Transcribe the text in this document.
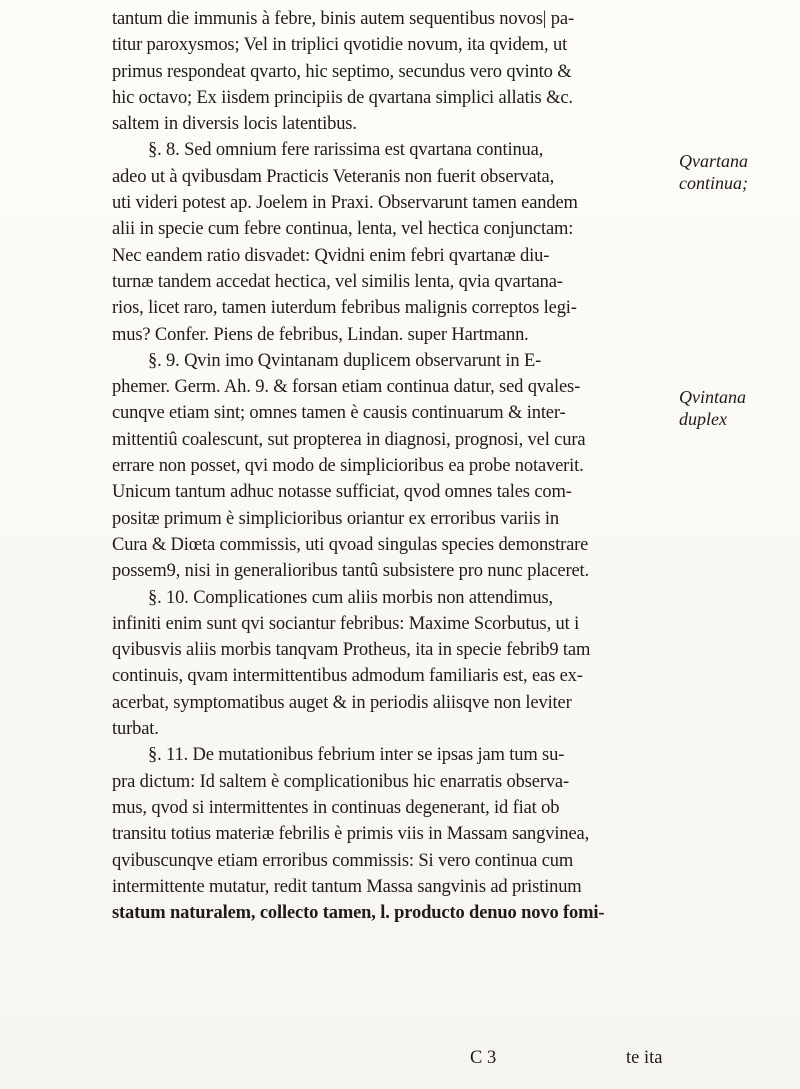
tantum die immunis à febre, binis autem sequentibus novos| pa-
titur paroxysmos; Vel in triplici qvotidie novum, ita qvidem, ut
primus respondeat qvarto, hic septimo, secundus vero qvinto &
hic octavo; Ex iisdem principiis de qvartana simplici allatis &c.
saltem in diversis locis latentibus.
§. 8. Sed omnium fere rarissima est qvartana continua,
adeo ut à qvibusdam Practicis Veteranis non fuerit observata,
uti videri potest ap. Joelem in Praxi. Observarunt tamen eandem
alii in specie cum febre continua, lenta, vel hectica conjunctam:
Nec eandem ratio disvadet: Qvidni enim febri qvartanæ diu-
turnæ tandem accedat hectica, vel similis lenta, qvia qvartana-
rios, licet raro, tamen iuterdum febribus malignis correptos legi-
mus? Confer. Piens de febribus, Lindan. super Hartmann.
§. 9. Qvin imo Qvintanam duplicem observarunt in E-
phemer. Germ. Ah. 9. & forsan etiam continua datur, sed qvales-
cunqve etiam sint; omnes tamen è causis continuarum & inter-
mittentiû coalescunt, sut propterea in diagnosi, prognosi, vel cura
errare non posset, qvi modo de simplicioribus ea probe notaverit.
Unicum tantum adhuc notasse sufficiat, qvod omnes tales com-
positæ primum è simplicioribus oriantur ex erroribus variis in
Cura & Diœta commissis, uti qvoad singulas species demonstrare
possem9, nisi in generalioribus tantû subsistere pro nunc placeret.
§. 10. Complicationes cum aliis morbis non attendimus,
infiniti enim sunt qvi sociantur febribus: Maxime Scorbutus, ut i
qvibusvis aliis morbis tanqvam Protheus, ita in specie febrib9 tam
continuis, qvam intermittentibus admodum familiaris est, eas ex-
acerbat, symptomatibus auget & in periodis aliisqve non leviter
turbat.
§. 11. De mutationibus febrium inter se ipsas jam tum su-
pra dictum: Id saltem è complicationibus hic enarratis observa-
mus, qvod si intermittentes in continuas degenerant, id fiat ob
transitu totius materiæ febrilis è primis viis in Massam sangvinea,
qvibuscunqve etiam erroribus commissis: Si vero continua cum
intermittente mutatur, redit tantum Massa sangvinis ad pristinum
statum naturalem, collecto tamen, l. producto denuo novo fomi-
Qvartana continua;
Qvintana duplex
C 3	te ita
